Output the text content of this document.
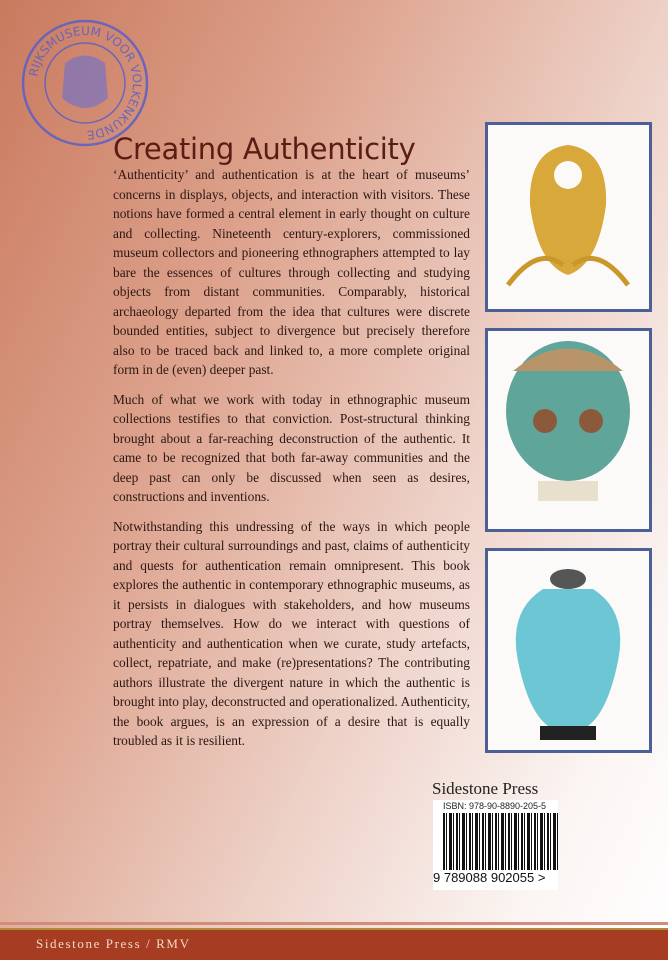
RIJKSMUSEUM VOOR VOLKENKUNDE Creating Authenticity

‘Authenticity’ and authentication is at the heart of museums’ concerns in displays, objects, and interaction with visitors. These notions have formed a central element in early thought on culture and collecting. Nineteenth century-explorers, commissioned museum collectors and pioneering ethnographers attempted to lay bare the essences of cultures through collecting and studying objects from distant communities. Comparably, historical archaeology departed from the idea that cultures were discrete bounded entities, subject to divergence but precisely therefore also to be traced back and linked to, a more complete original form in de (even) deeper past.

Much of what we work with today in ethnographic museum collections testifies to that conviction. Post-structural thinking brought about a far-reaching deconstruction of the authentic. It came to be recognized that both far-away communities and the deep past can only be discussed when seen as desires, constructions and inventions.

Notwithstanding this undressing of the ways in which people portray their cultural surroundings and past, claims of authenticity and quests for authentication remain omnipresent. This book explores the authentic in contemporary ethnographic museums, as it persists in dialogues with stakeholders, and how museums portray themselves. How do we interact with questions of authenticity and authentication when we curate, study artefacts, collect, repatriate, and make (re)presentations? The contributing authors illustrate the divergent nature in which the authentic is brought into play, deconstructed and operationalized. Authenticity, the book argues, is an expression of a desire that is equally troubled as it is resilient.

Sidestone Press
ISBN: 978-90-8890-205-5
9 789088 902055 >
Sidestone Press / RMV
